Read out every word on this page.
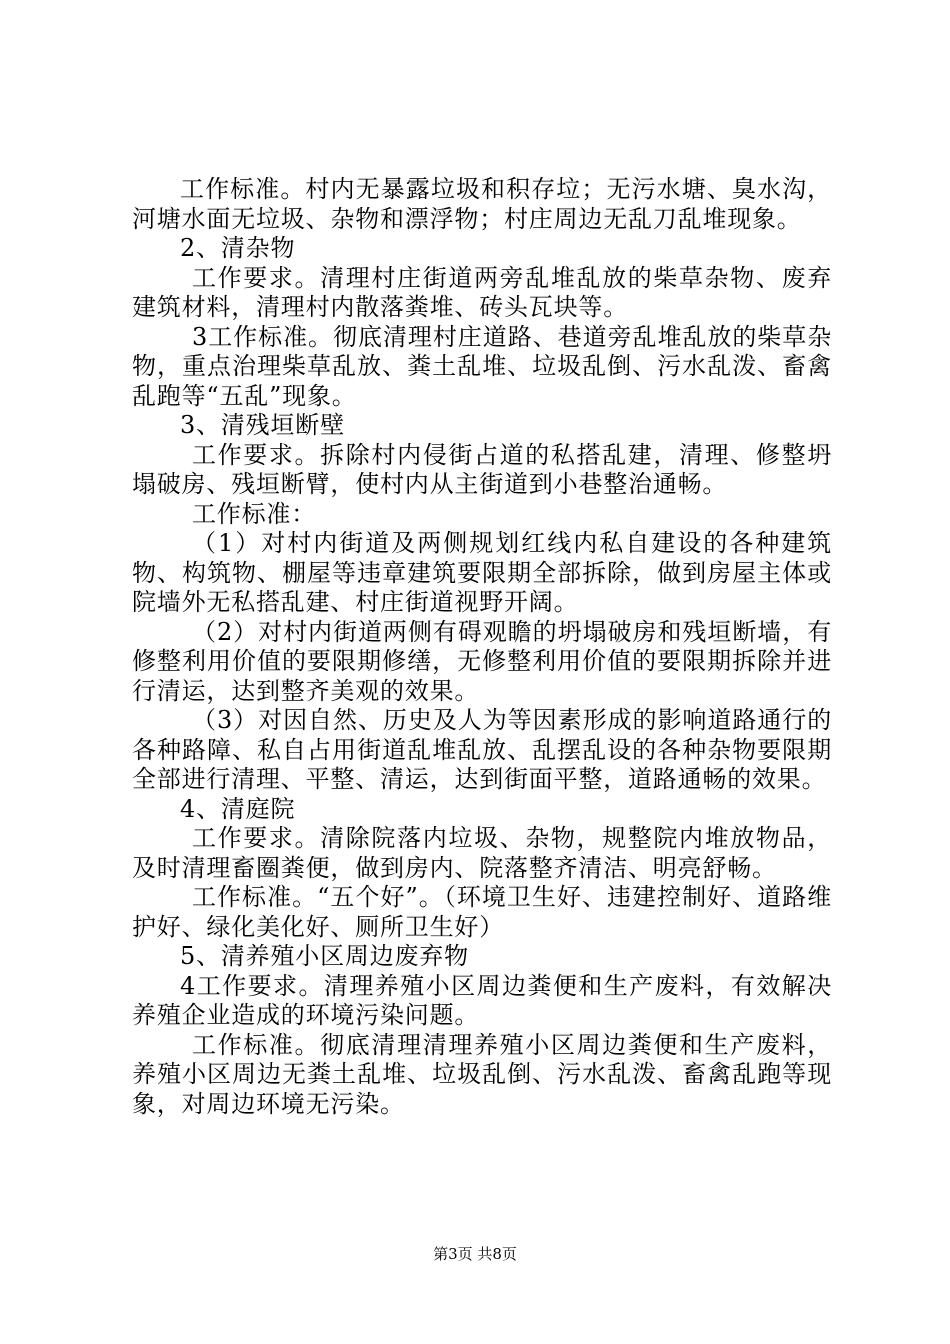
工作标准。村内无暴露垃圾和积存垃；无污水塘、臭水沟，河塘水面无垃圾、杂物和漂浮物；村庄周边无乱刀乱堆现象。

2、清杂物

工作要求。清理村庄街道两旁乱堆乱放的柴草杂物、废弃建筑材料，清理村内散落粪堆、砖头瓦块等。

3工作标准。彻底清理村庄道路、巷道旁乱堆乱放的柴草杂物，重点治理柴草乱放、粪土乱堆、垃圾乱倒、污水乱泼、畜禽乱跑等“五乱”现象。

3、清残垣断壁

工作要求。拆除村内侵街占道的私搭乱建，清理、修整坍塌破房、残垣断臂，使村内从主街道到小巷整治通畅。

工作标准：

（1）对村内街道及两侧规划红线内私自建设的各种建筑物、构筑物、棚屋等违章建筑要限期全部拆除，做到房屋主体或院墙外无私搭乱建、村庄街道视野开阔。

（2）对村内街道两侧有碍观瞻的坍塌破房和残垣断墙，有修整利用价值的要限期修缮，无修整利用价值的要限期拆除并进行清运，达到整齐美观的效果。

（3）对因自然、历史及人为等因素形成的影响道路通行的各种路障、私自占用街道乱堆乱放、乱摆乱设的各种杂物要限期全部进行清理、平整、清运，达到街面平整，道路通畅的效果。

4、清庭院

工作要求。清除院落内垃圾、杂物，规整院内堆放物品，及时清理畜圈粪便，做到房内、院落整齐清洁、明亮舒畅。

工作标准。“五个好”。（环境卫生好、违建控制好、道路维护好、绿化美化好、厕所卫生好）

5、清养殖小区周边废弃物

4工作要求。清理养殖小区周边粪便和生产废料，有效解决养殖企业造成的环境污染问题。

工作标准。彻底清理清理养殖小区周边粪便和生产废料，养殖小区周边无粪土乱堆、垃圾乱倒、污水乱泼、畜禽乱跑等现象，对周边环境无污染。

第3页 共8页
